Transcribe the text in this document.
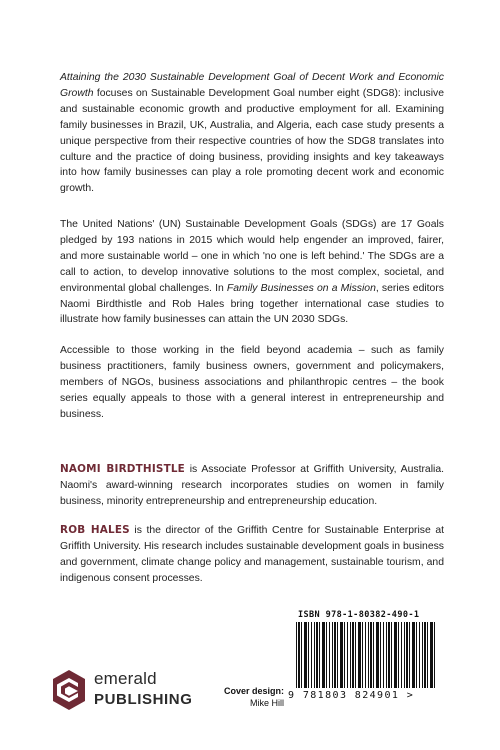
Attaining the 2030 Sustainable Development Goal of Decent Work and Economic Growth focuses on Sustainable Development Goal number eight (SDG8): inclusive and sustainable economic growth and productive employment for all. Examining family businesses in Brazil, UK, Australia, and Algeria, each case study presents a unique perspective from their respective countries of how the SDG8 translates into culture and the practice of doing business, providing insights and key takeaways into how family businesses can play a role promoting decent work and economic growth.

The United Nations' (UN) Sustainable Development Goals (SDGs) are 17 Goals pledged by 193 nations in 2015 which would help engender an improved, fairer, and more sustainable world – one in which 'no one is left behind.' The SDGs are a call to action, to develop innovative solutions to the most complex, societal, and environmental global challenges. In Family Businesses on a Mission, series editors Naomi Birdthistle and Rob Hales bring together international case studies to illustrate how family businesses can attain the UN 2030 SDGs.

Accessible to those working in the field beyond academia – such as family business practitioners, family business owners, government and policymakers, members of NGOs, business associations and philanthropic centres – the book series equally appeals to those with a general interest in entrepreneurship and business.

NAOMI BIRDTHISTLE is Associate Professor at Griffith University, Australia. Naomi's award-winning research incorporates studies on women in family business, minority entrepreneurship and entrepreneurship education.

ROB HALES is the director of the Griffith Centre for Sustainable Enterprise at Griffith University. His research includes sustainable development goals in business and government, climate change policy and management, sustainable tourism, and indigenous consent processes.

ISBN 978-1-80382-490-1
9 781803 824901 >
emerald
PUBLISHING	Cover design:
Mike Hill
